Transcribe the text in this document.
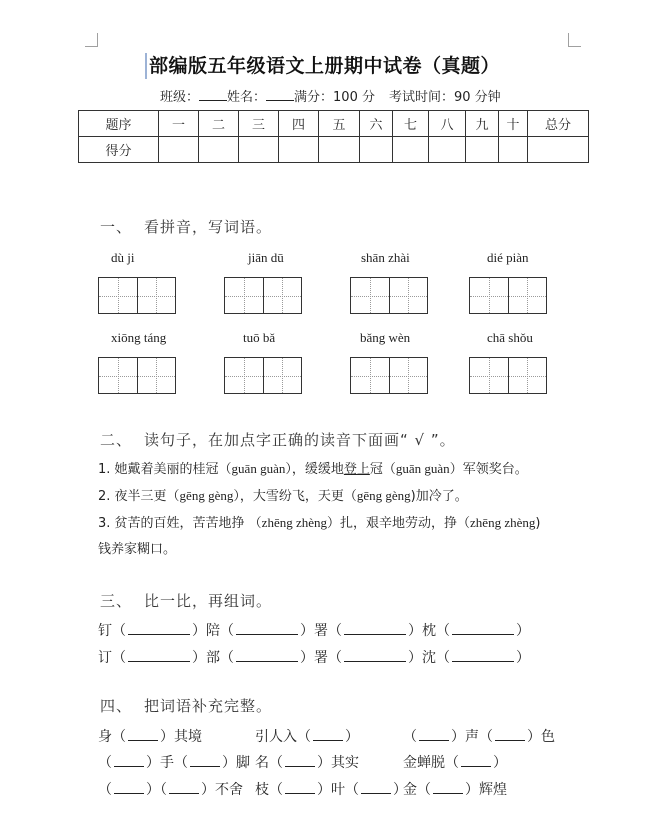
部编版五年级语文上册期中试卷（真题）
班级： 姓名： 满分：100 分 考试时间：90 分钟
题序	一	二	三	四	五	六	七	八	九	十	总分
得分											
一、 看拼音，写词语。
dù ji	jiān dū	shān zhài	dié piàn
xiōng táng	tuō bǎ	bǎng wèn	chā shǒu
二、 读句子，在加点字正确的读音下面画“ √ ”。
1. 她戴着美丽的桂冠（guān guàn），缓缓地登上冠（guān guàn）军领奖台。
2. 夜半三更（gēng gèng），大雪纷飞，天更（gēng gèng)加冷了。
3. 贫苦的百姓，苦苦地挣 （zhēng zhèng）扎，艰辛地劳动，挣（zhēng zhèng)
钱养家糊口。
三、 比一比，再组词。
钉（	）陪（	）署（	）枕（	）
订（	）部（	）署（	）沈（	）
四、 把词语补充完整。
身（ ）其境	引人入（ ）	（ ）声（ ）色
（ ）手（ ）脚 名（ ）其实	金蝉脱（ ）
（ ）（ ）不舍 枝（ ）叶（ ）
金（ ）辉煌
